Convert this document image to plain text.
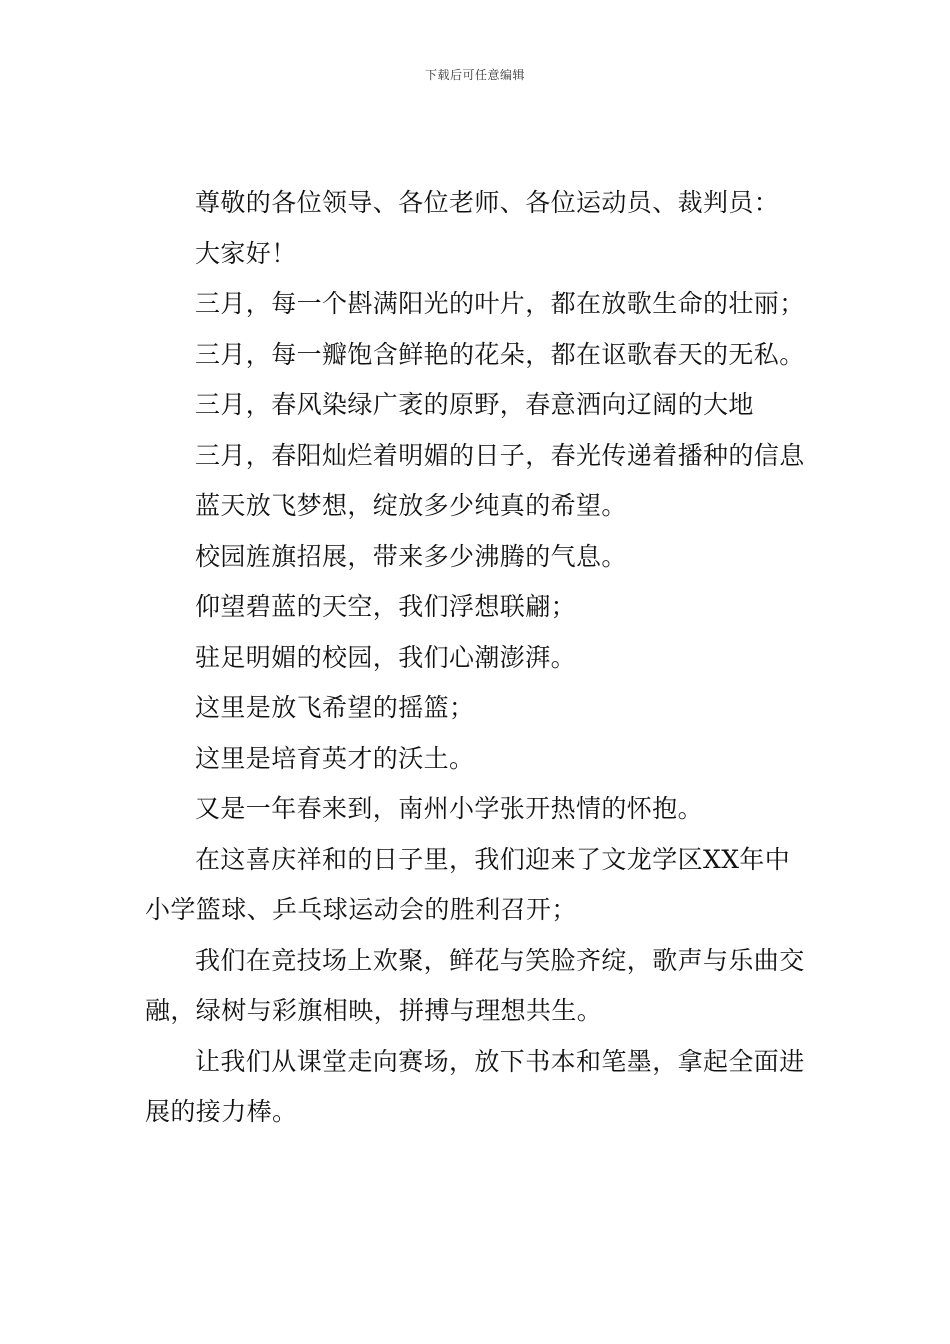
下载后可任意编辑

尊敬的各位领导、各位老师、各位运动员、裁判员：

大家好！

三月，每一个斟满阳光的叶片，都在放歌生命的壮丽；

三月，每一瓣饱含鲜艳的花朵，都在讴歌春天的无私。

三月，春风染绿广袤的原野，春意洒向辽阔的大地

三月，春阳灿烂着明媚的日子，春光传递着播种的信息

蓝天放飞梦想，绽放多少纯真的希望。

校园旌旗招展，带来多少沸腾的气息。

仰望碧蓝的天空，我们浮想联翩；

驻足明媚的校园，我们心潮澎湃。

这里是放飞希望的摇篮；

这里是培育英才的沃土。

又是一年春来到，南州小学张开热情的怀抱。

在这喜庆祥和的日子里，我们迎来了文龙学区XX年中小学篮球、乒乓球运动会的胜利召开；

我们在竞技场上欢聚，鲜花与笑脸齐绽，歌声与乐曲交融，绿树与彩旗相映，拼搏与理想共生。

让我们从课堂走向赛场，放下书本和笔墨，拿起全面进展的接力棒。
